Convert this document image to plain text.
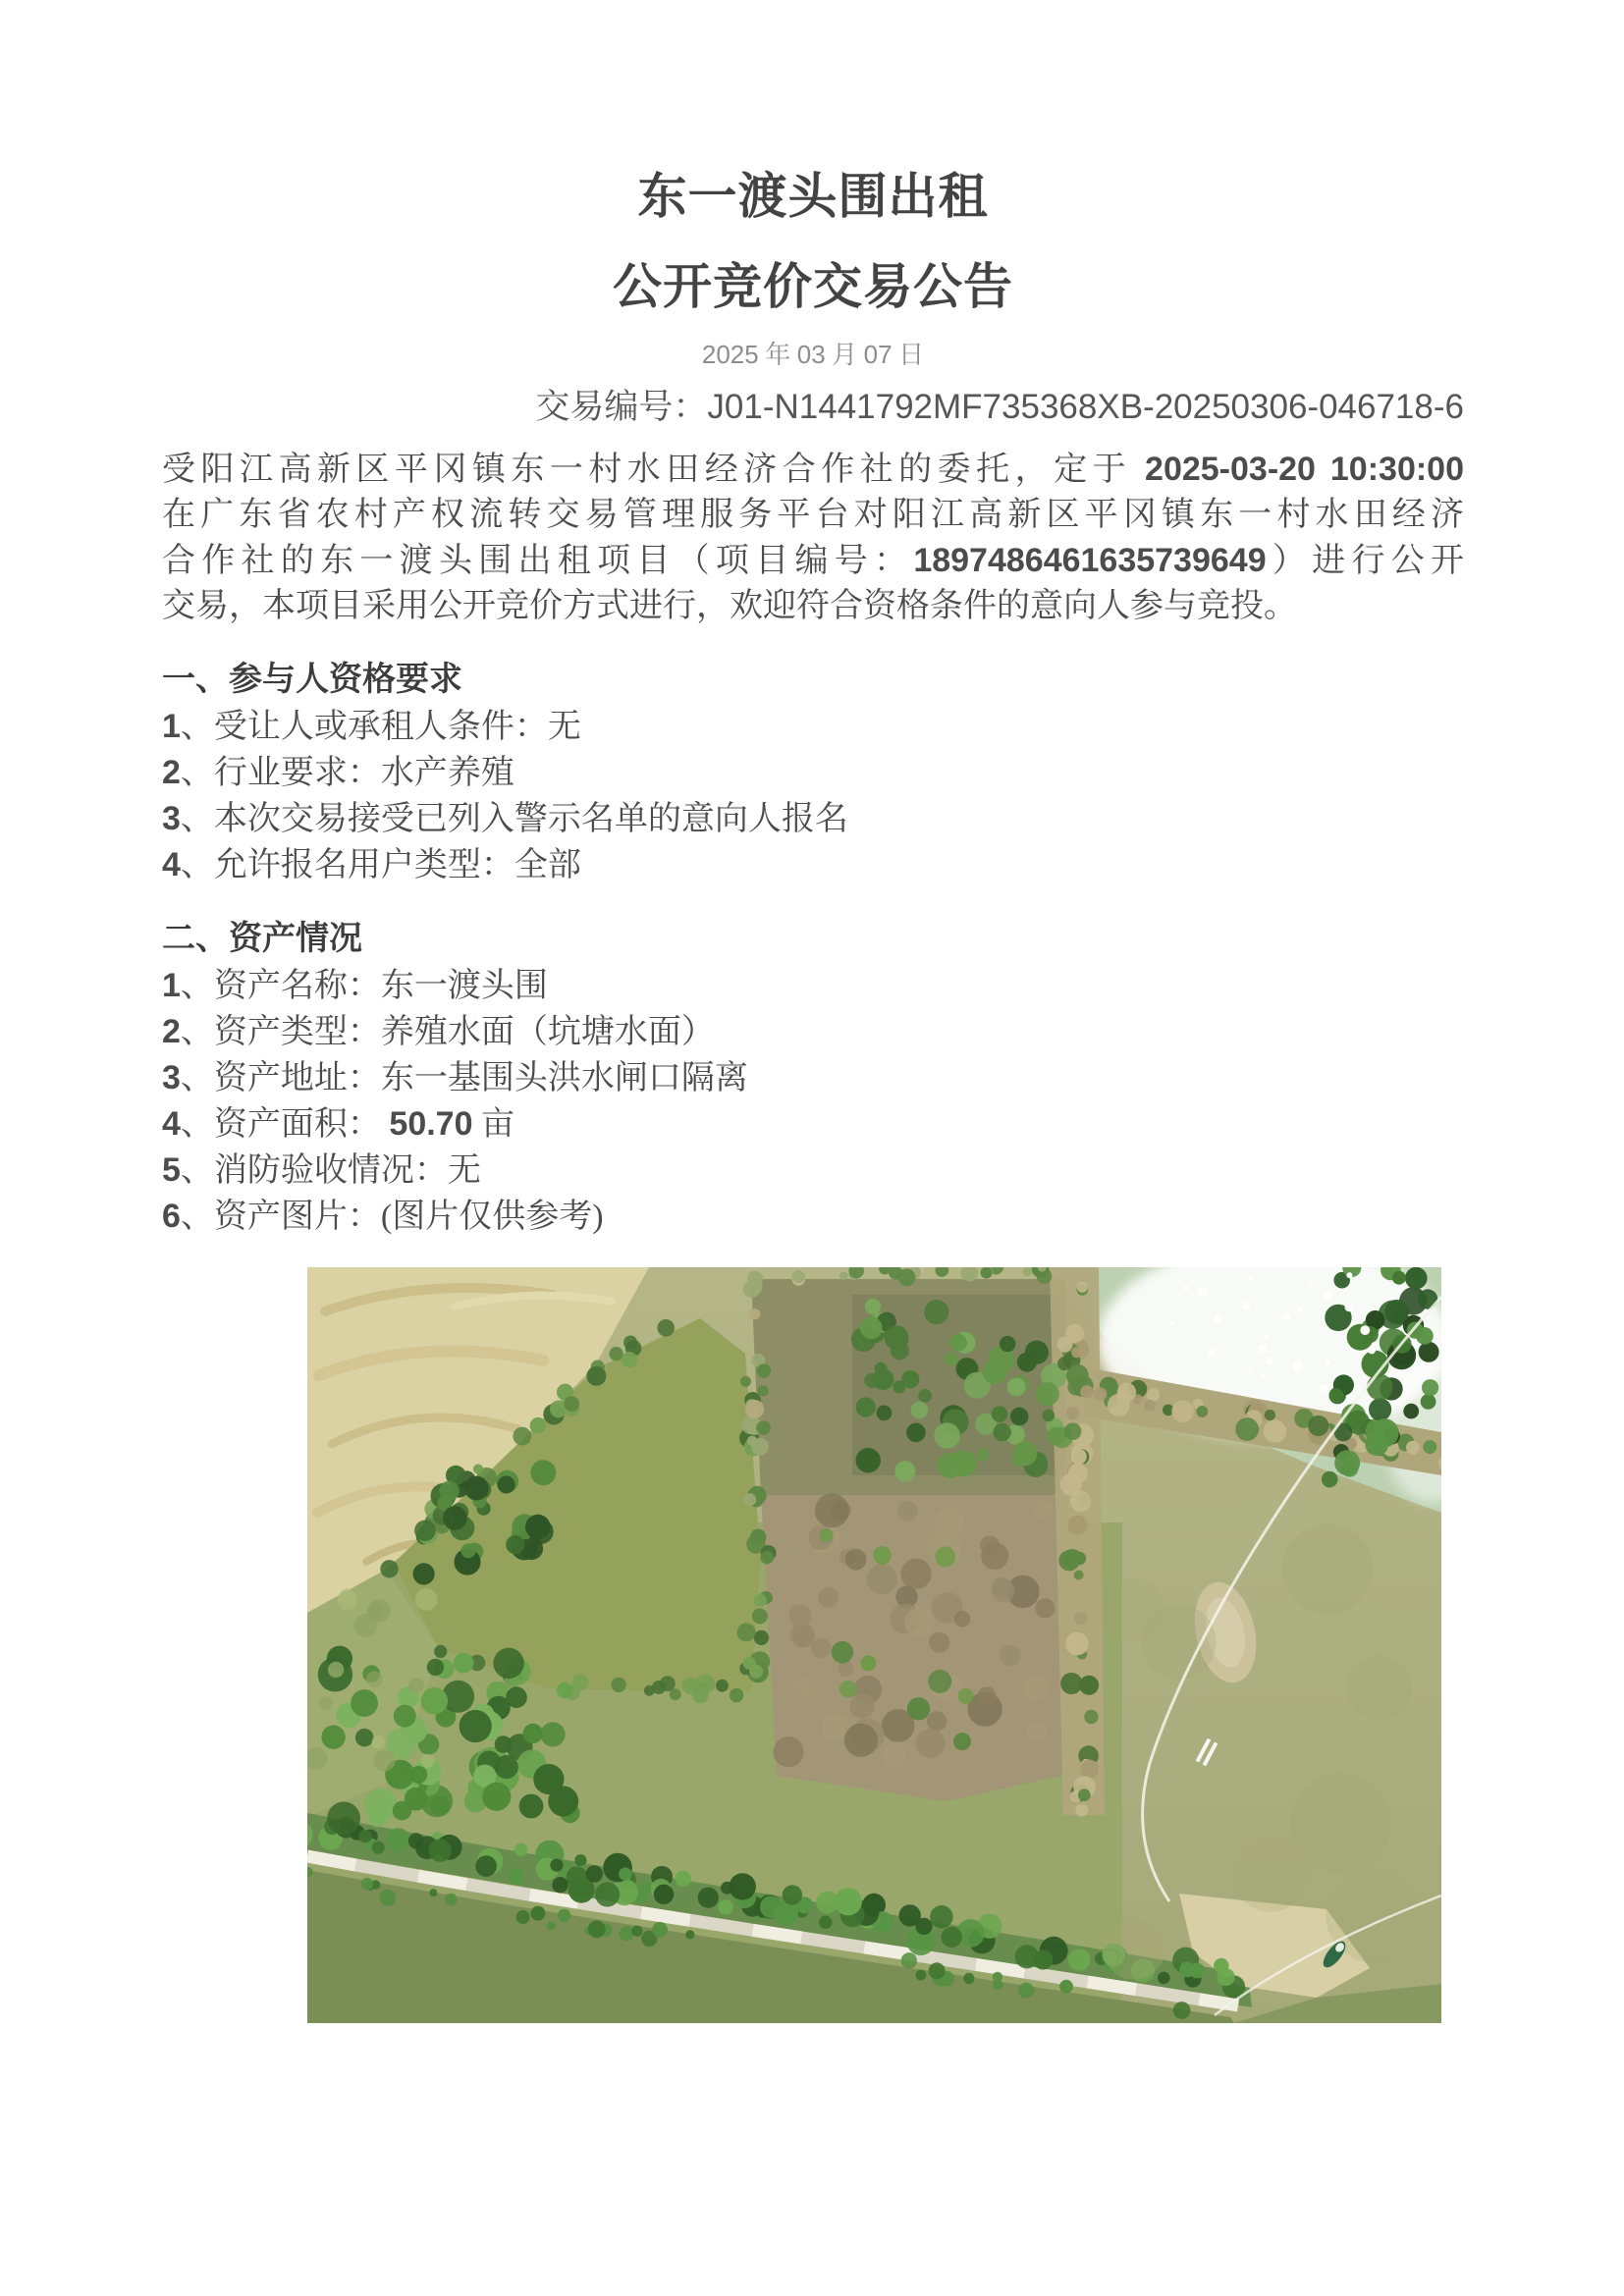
东一渡头围出租
公开竞价交易公告
2025 年 03 月 07 日
交易编号：J01-N1441792MF735368XB-20250306-046718-6
受阳江高新区平冈镇东一村水田经济合作社的委托，定于 2025-03-20 10:30:00
在广东省农村产权流转交易管理服务平台对阳江高新区平冈镇东一村水田经济
合作社的东一渡头围出租项目（项目编号：1897486461635739649）进行公开
交易，本项目采用公开竞价方式进行，欢迎符合资格条件的意向人参与竞投。
一、参与人资格要求
1、受让人或承租人条件：无
2、行业要求：水产养殖
3、本次交易接受已列入警示名单的意向人报名
4、允许报名用户类型：全部
二、资产情况
1、资产名称：东一渡头围
2、资产类型：养殖水面（坑塘水面）
3、资产地址：东一基围头洪水闸口隔离
4、资产面积： 50.70 亩
5、消防验收情况：无
6、资产图片：(图片仅供参考)
